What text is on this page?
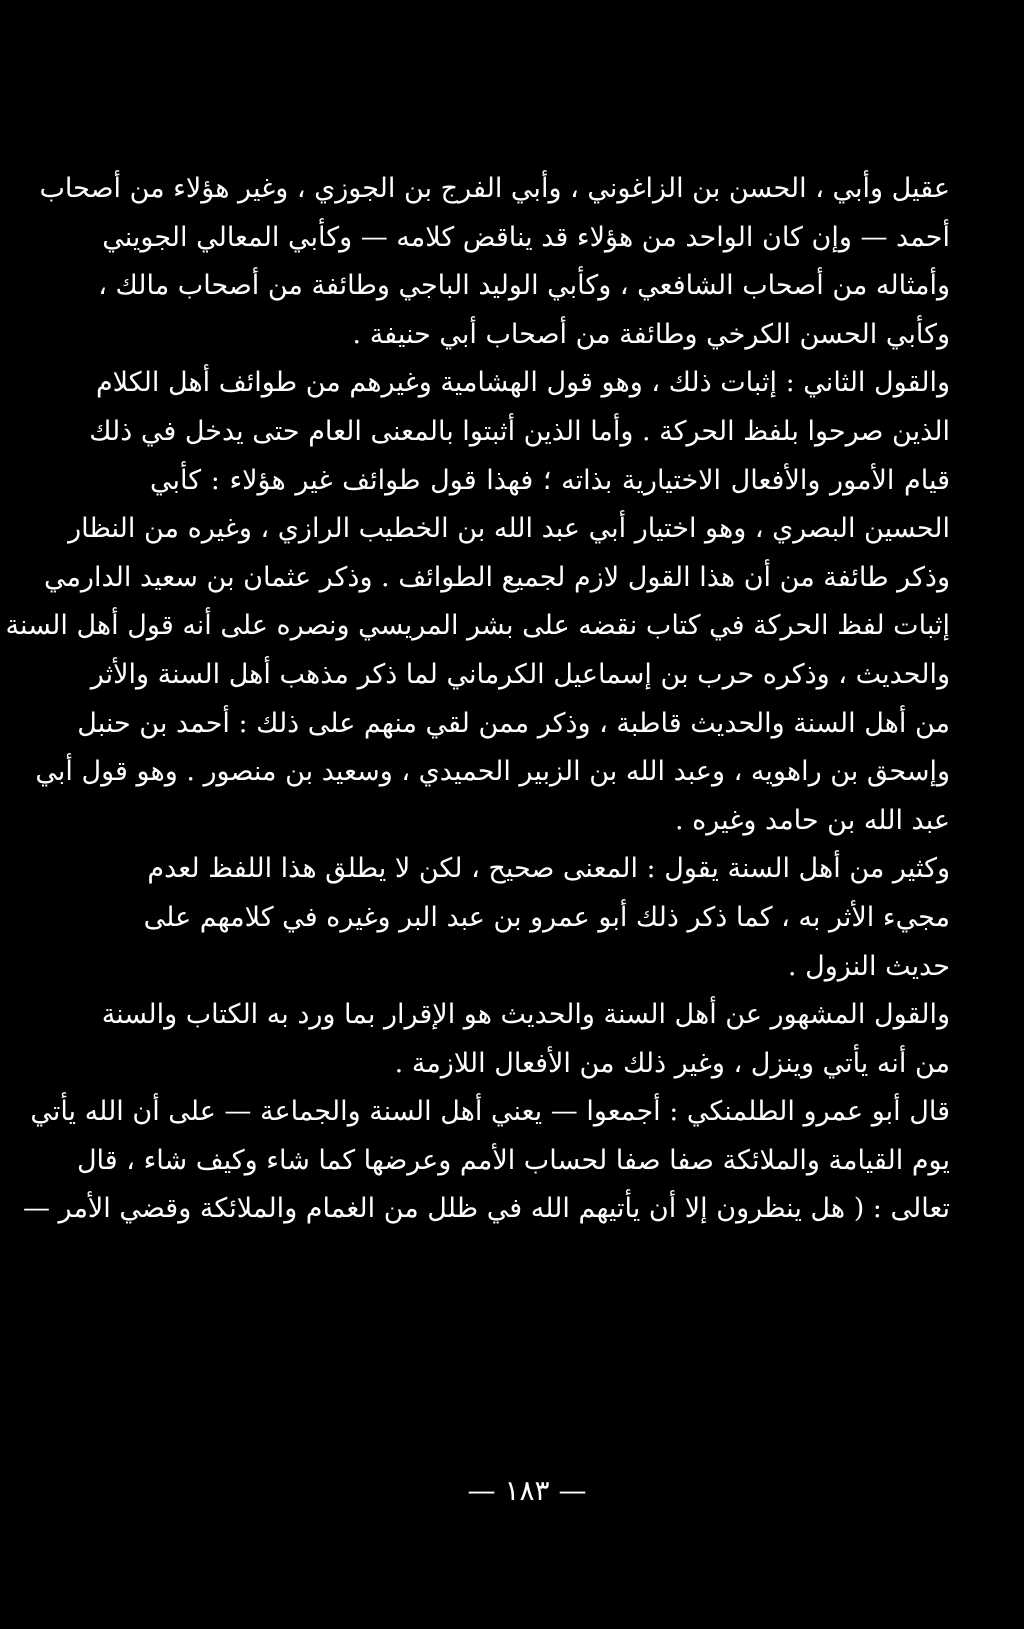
عقيل وأبي ، الحسن بن الزاغوني ، وأبي الفرج بن الجوزي ، وغير هؤلاء من أصحاب
أحمد — وإن كان الواحد من هؤلاء قد يناقض كلامه — وكأبي المعالي الجويني
وأمثاله من أصحاب الشافعي ، وكأبي الوليد الباجي وطائفة من أصحاب مالك ،
وكأبي الحسن الكرخي وطائفة من أصحاب أبي حنيفة .
والقول الثاني : إثبات ذلك ، وهو قول الهشامية وغيرهم من طوائف أهل الكلام
الذين صرحوا بلفظ الحركة . وأما الذين أثبتوا بالمعنى العام حتى يدخل في ذلك
قيام الأمور والأفعال الاختيارية بذاته ؛ فهذا قول طوائف غير هؤلاء : كأبي
الحسين البصري ، وهو اختيار أبي عبد الله بن الخطيب الرازي ، وغيره من النظار
وذكر طائفة من أن هذا القول لازم لجميع الطوائف . وذكر عثمان بن سعيد الدارمي
إثبات لفظ الحركة في كتاب نقضه على بشر المريسي ونصره على أنه قول أهل السنة
والحديث ، وذكره حرب بن إسماعيل الكرماني لما ذكر مذهب أهل السنة والأثر
من أهل السنة والحديث قاطبة ، وذكر ممن لقي منهم على ذلك : أحمد بن حنبل
وإسحق بن راهويه ، وعبد الله بن الزبير الحميدي ، وسعيد بن منصور . وهو قول أبي
عبد الله بن حامد وغيره .
وكثير من أهل السنة يقول : المعنى صحيح ، لكن لا يطلق هذا اللفظ لعدم
مجيء الأثر به ، كما ذكر ذلك أبو عمرو بن عبد البر وغيره في كلامهم على
حديث النزول .
والقول المشهور عن أهل السنة والحديث هو الإقرار بما ورد به الكتاب والسنة
من أنه يأتي وينزل ، وغير ذلك من الأفعال اللازمة .
قال أبو عمرو الطلمنكي : أجمعوا — يعني أهل السنة والجماعة — على أن الله يأتي
يوم القيامة والملائكة صفا صفا لحساب الأمم وعرضها كما شاء وكيف شاء ، قال
تعالى : ( هل ينظرون إلا أن يأتيهم الله في ظلل من الغمام والملائكة وقضي الأمر —
— ١٨٣ —
